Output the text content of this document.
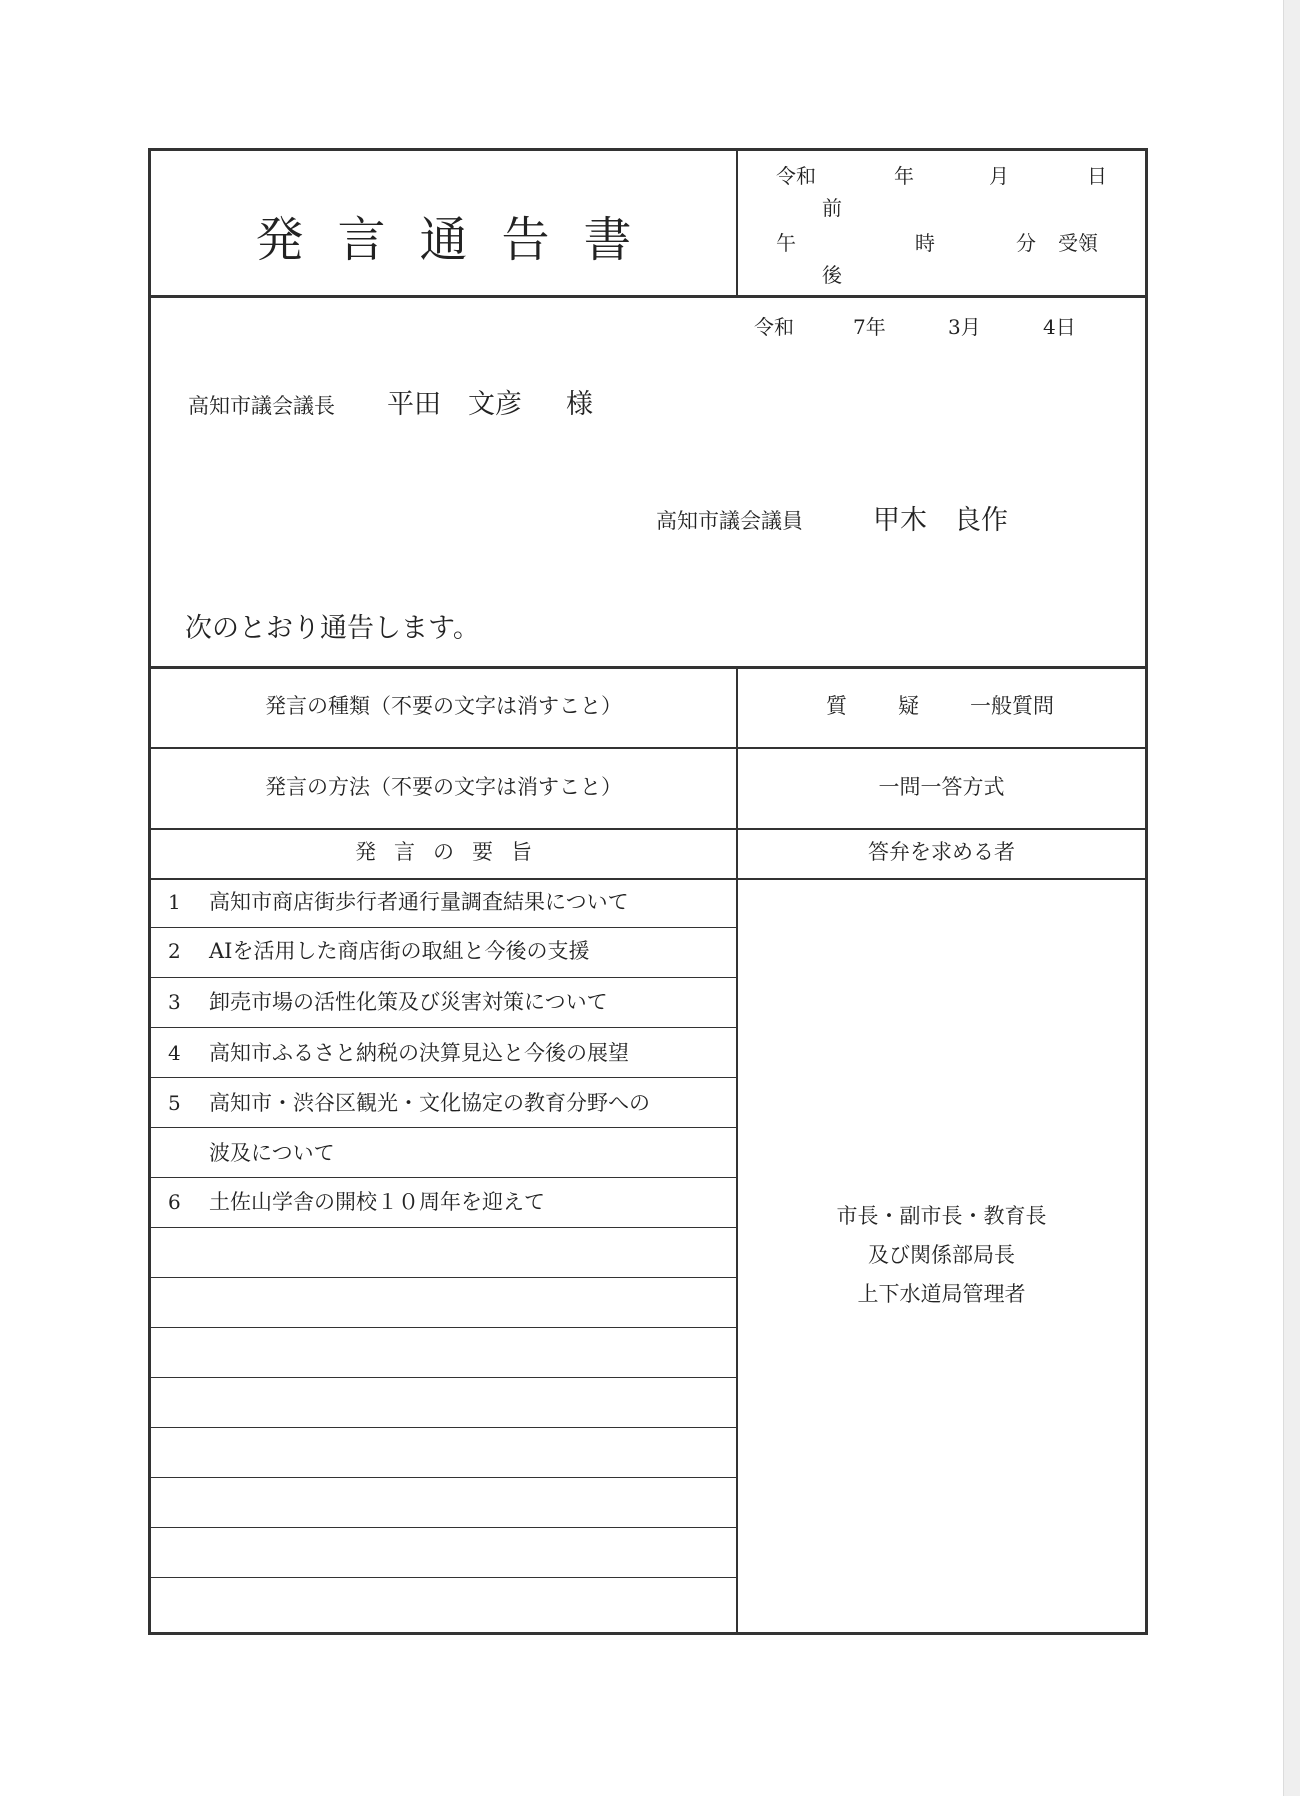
発言通告書
令和	年	月	日
前
午	時	分 受領
後
令和	7年	3月	4日
高知市議会議長 平田　文彦 様
高知市議会議員	甲木　良作
次のとおり通告します。
発言の種類（不要の文字は消すこと）	質 疑 一般質問
発言の方法（不要の文字は消すこと）	一問一答方式
発言の要旨	答弁を求める者
1 高知市商店街歩行者通行量調査結果について
2 AIを活用した商店街の取組と今後の支援
3 卸売市場の活性化策及び災害対策について
4 高知市ふるさと納税の決算見込と今後の展望
5 高知市・渋谷区観光・文化協定の教育分野への
波及について
6 土佐山学舎の開校１０周年を迎えて
市長・副市長・教育長
及び関係部局長
上下水道局管理者
